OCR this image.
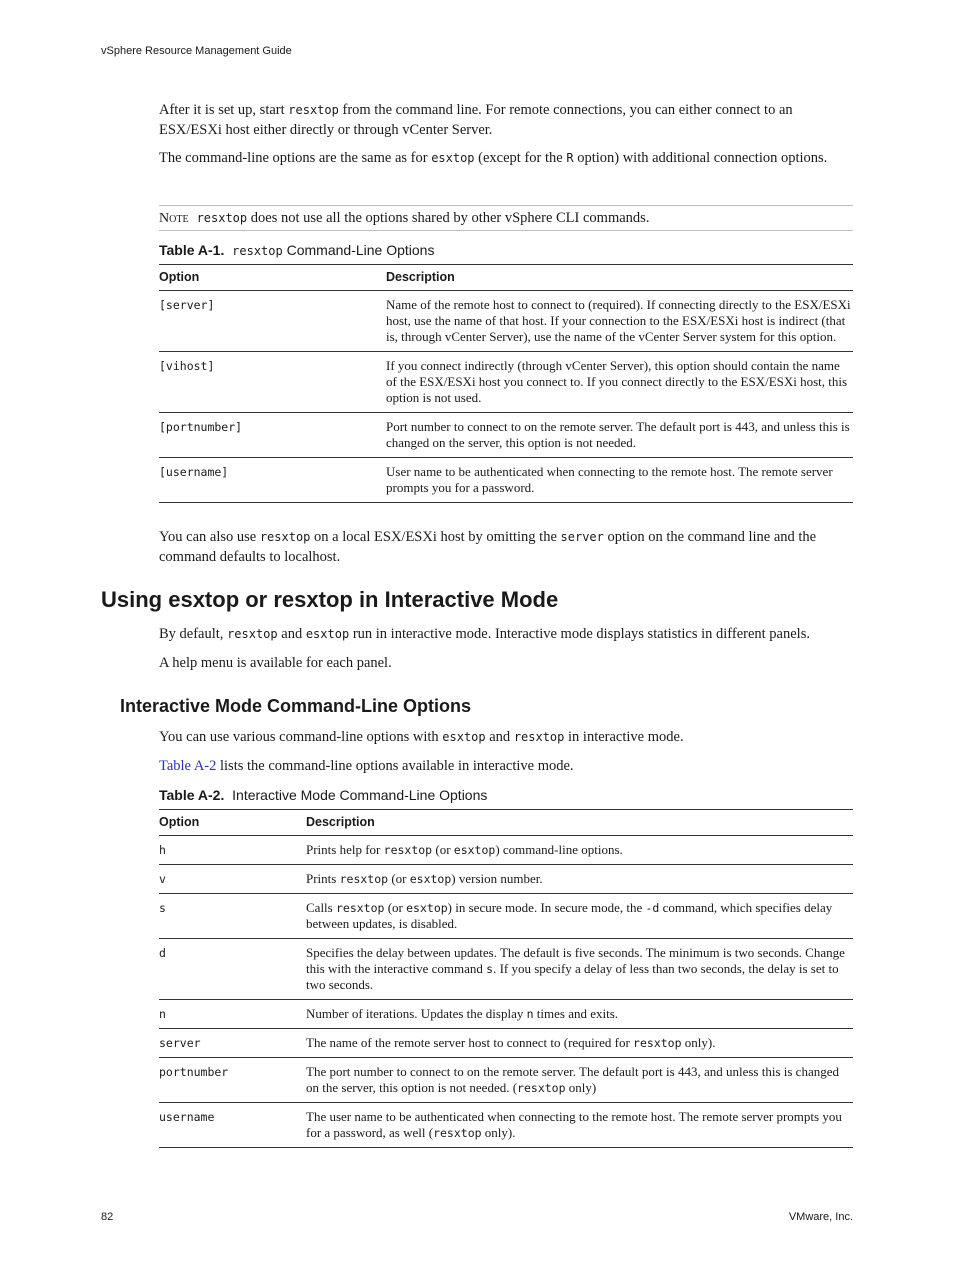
vSphere Resource Management Guide

After it is set up, start resxtop from the command line. For remote connections, you can either connect to an ESX/ESXi host either directly or through vCenter Server.

The command-line options are the same as for esxtop (except for the R option) with additional connection options.

Note resxtop does not use all the options shared by other vSphere CLI commands.
Table A-1. resxtop Command-Line Options
Option	Description
[server]	Name of the remote host to connect to (required). If connecting directly to the ESX/ESXi host, use the name of that host. If your connection to the ESX/ESXi host is indirect (that is, through vCenter Server), use the name of the vCenter Server system for this option.
[vihost]	If you connect indirectly (through vCenter Server), this option should contain the name of the ESX/ESXi host you connect to. If you connect directly to the ESX/ESXi host, this option is not used.
[portnumber]	Port number to connect to on the remote server. The default port is 443, and unless this is changed on the server, this option is not needed.
[username]	User name to be authenticated when connecting to the remote host. The remote server prompts you for a password.

You can also use resxtop on a local ESX/ESXi host by omitting the server option on the command line and the command defaults to localhost.

Using esxtop or resxtop in Interactive Mode

By default, resxtop and esxtop run in interactive mode. Interactive mode displays statistics in different panels.

A help menu is available for each panel.

Interactive Mode Command-Line Options

You can use various command-line options with esxtop and resxtop in interactive mode.

Table A-2 lists the command-line options available in interactive mode.

Table A-2. Interactive Mode Command-Line Options
Option	Description
h	Prints help for resxtop (or esxtop) command-line options.
v	Prints resxtop (or esxtop) version number.
s	Calls resxtop (or esxtop) in secure mode. In secure mode, the -d command, which specifies delay between updates, is disabled.
d	Specifies the delay between updates. The default is five seconds. The minimum is two seconds. Change this with the interactive command s. If you specify a delay of less than two seconds, the delay is set to two seconds.
n	Number of iterations. Updates the display n times and exits.
server	The name of the remote server host to connect to (required for resxtop only).
portnumber	The port number to connect to on the remote server. The default port is 443, and unless this is changed on the server, this option is not needed. (resxtop only)
username	The user name to be authenticated when connecting to the remote host. The remote server prompts you for a password, as well (resxtop only).
82	VMware, Inc.
